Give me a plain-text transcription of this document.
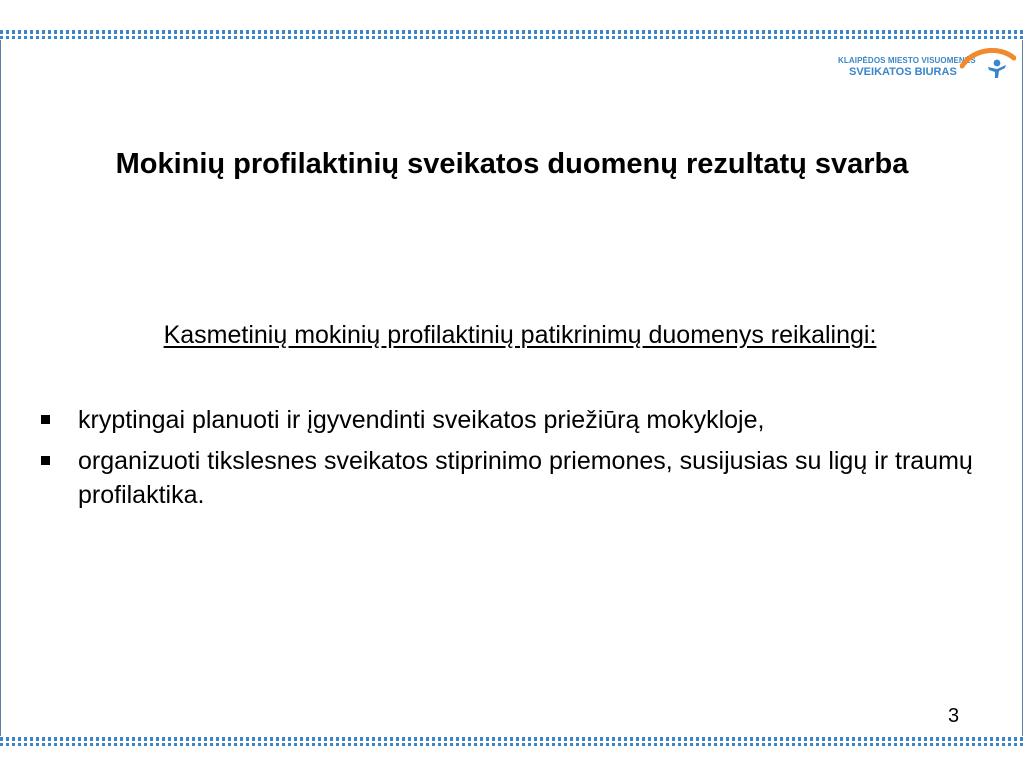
KLAIPĖDOS MIESTO VISUOMENĖS
SVEIKATOS BIURAS
Mokinių profilaktinių sveikatos duomenų rezultatų svarba
Kasmetinių mokinių profilaktinių patikrinimų duomenys reikalingi:
kryptingai planuoti ir įgyvendinti sveikatos priežiūrą mokykloje,
organizuoti tikslesnes sveikatos stiprinimo priemones, susijusias su ligų ir traumų profilaktika.
3
